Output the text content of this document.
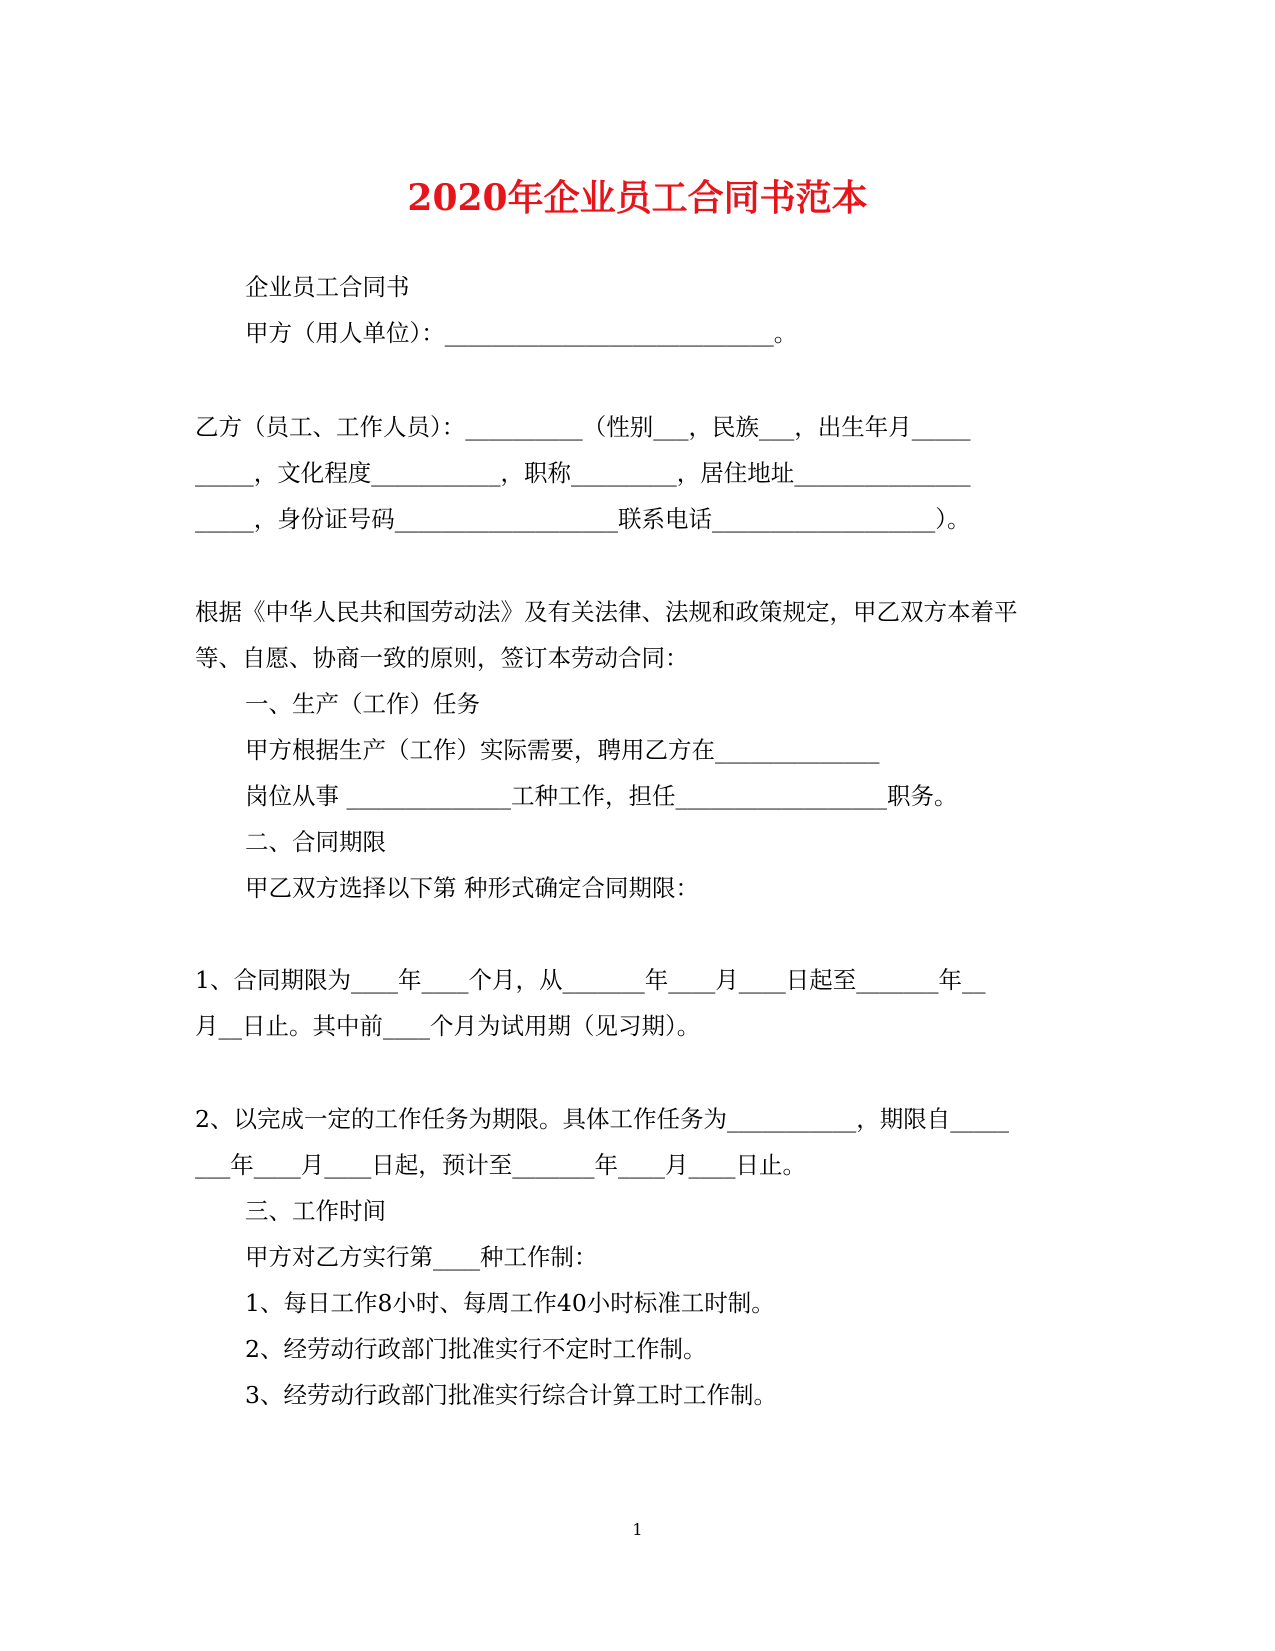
2020年企业员工合同书范本
企业员工合同书
甲方（用人单位）：____________________________。
乙方（员工、工作人员）：__________（性别___，民族___，出生年月_____
_____，文化程度___________，职称_________，居住地址_______________
_____，身份证号码___________________联系电话___________________）。
根据《中华人民共和国劳动法》及有关法律、法规和政策规定，甲乙双方本着平
等、自愿、协商一致的原则，签订本劳动合同：
一、生产（工作）任务
甲方根据生产（工作）实际需要，聘用乙方在______________
岗位从事 ______________工种工作，担任__________________职务。
二、合同期限
甲乙双方选择以下第 种形式确定合同期限：
1、合同期限为____年____个月，从_______年____月____日起至_______年__
月__日止。其中前____个月为试用期（见习期）。
2、以完成一定的工作任务为期限。具体工作任务为___________，期限自_____
___年____月____日起，预计至_______年____月____日止。
三、工作时间
甲方对乙方实行第____种工作制：
1、每日工作8小时、每周工作40小时标准工时制。
2、经劳动行政部门批准实行不定时工作制。
3、经劳动行政部门批准实行综合计算工时工作制。
1
